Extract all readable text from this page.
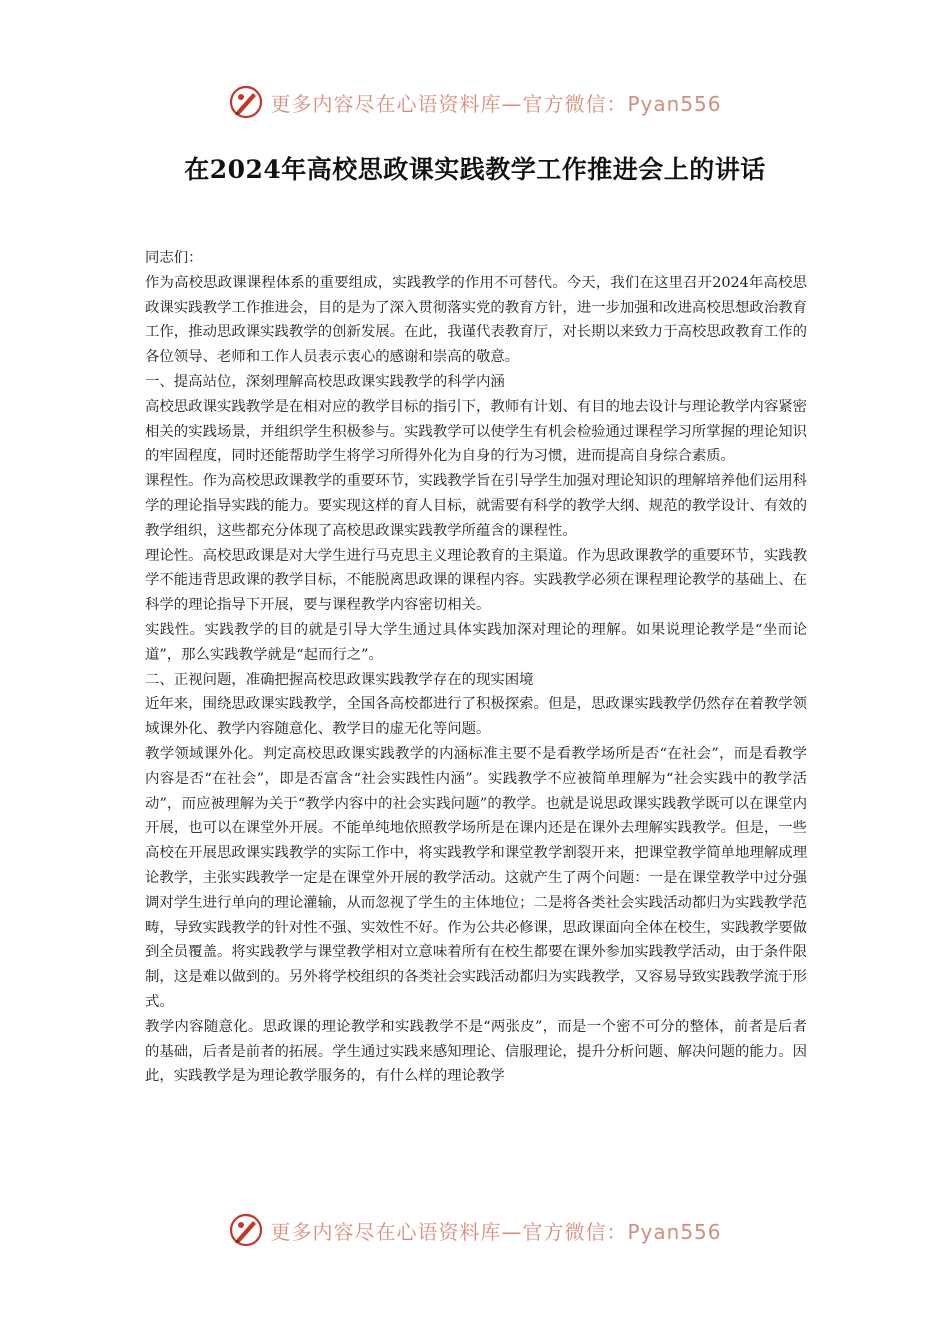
更多内容尽在心语资料库—官方微信：Pyan556
在2024年高校思政课实践教学工作推进会上的讲话

同志们：

作为高校思政课课程体系的重要组成，实践教学的作用不可替代。今天，我们在这里召开2024年高校思政课实践教学工作推进会，目的是为了深入贯彻落实党的教育方针，进一步加强和改进高校思想政治教育工作，推动思政课实践教学的创新发展。在此，我谨代表教育厅，对长期以来致力于高校思政教育工作的各位领导、老师和工作人员表示衷心的感谢和崇高的敬意。

一、提高站位，深刻理解高校思政课实践教学的科学内涵

高校思政课实践教学是在相对应的教学目标的指引下，教师有计划、有目的地去设计与理论教学内容紧密相关的实践场景，并组织学生积极参与。实践教学可以使学生有机会检验通过课程学习所掌握的理论知识的牢固程度，同时还能帮助学生将学习所得外化为自身的行为习惯，进而提高自身综合素质。

课程性。作为高校思政课教学的重要环节，实践教学旨在引导学生加强对理论知识的理解培养他们运用科学的理论指导实践的能力。要实现这样的育人目标，就需要有科学的教学大纲、规范的教学设计、有效的教学组织，这些都充分体现了高校思政课实践教学所蕴含的课程性。

理论性。高校思政课是对大学生进行马克思主义理论教育的主渠道。作为思政课教学的重要环节，实践教学不能违背思政课的教学目标，不能脱离思政课的课程内容。实践教学必须在课程理论教学的基础上、在科学的理论指导下开展，要与课程教学内容密切相关。

实践性。实践教学的目的就是引导大学生通过具体实践加深对理论的理解。如果说理论教学是“坐而论道”，那么实践教学就是“起而行之”。

二、正视问题，准确把握高校思政课实践教学存在的现实困境

近年来，围绕思政课实践教学，全国各高校都进行了积极探索。但是，思政课实践教学仍然存在着教学领域课外化、教学内容随意化、教学目的虚无化等问题。

教学领域课外化。判定高校思政课实践教学的内涵标准主要不是看教学场所是否“在社会”，而是看教学内容是否“在社会”，即是否富含“社会实践性内涵”。实践教学不应被简单理解为“社会实践中的教学活动”，而应被理解为关于“教学内容中的社会实践问题”的教学。也就是说思政课实践教学既可以在课堂内开展，也可以在课堂外开展。不能单纯地依照教学场所是在课内还是在课外去理解实践教学。但是，一些高校在开展思政课实践教学的实际工作中，将实践教学和课堂教学割裂开来，把课堂教学简单地理解成理论教学，主张实践教学一定是在课堂外开展的教学活动。这就产生了两个问题：一是在课堂教学中过分强调对学生进行单向的理论灌输，从而忽视了学生的主体地位；二是将各类社会实践活动都归为实践教学范畴，导致实践教学的针对性不强、实效性不好。作为公共必修课，思政课面向全体在校生，实践教学要做到全员覆盖。将实践教学与课堂教学相对立意味着所有在校生都要在课外参加实践教学活动，由于条件限制，这是难以做到的。另外将学校组织的各类社会实践活动都归为实践教学，又容易导致实践教学流于形式。

教学内容随意化。思政课的理论教学和实践教学不是“两张皮”，而是一个密不可分的整体，前者是后者的基础，后者是前者的拓展。学生通过实践来感知理论、信服理论，提升分析问题、解决问题的能力。因此，实践教学是为理论教学服务的，有什么样的理论教学

更多内容尽在心语资料库—官方微信：Pyan556
